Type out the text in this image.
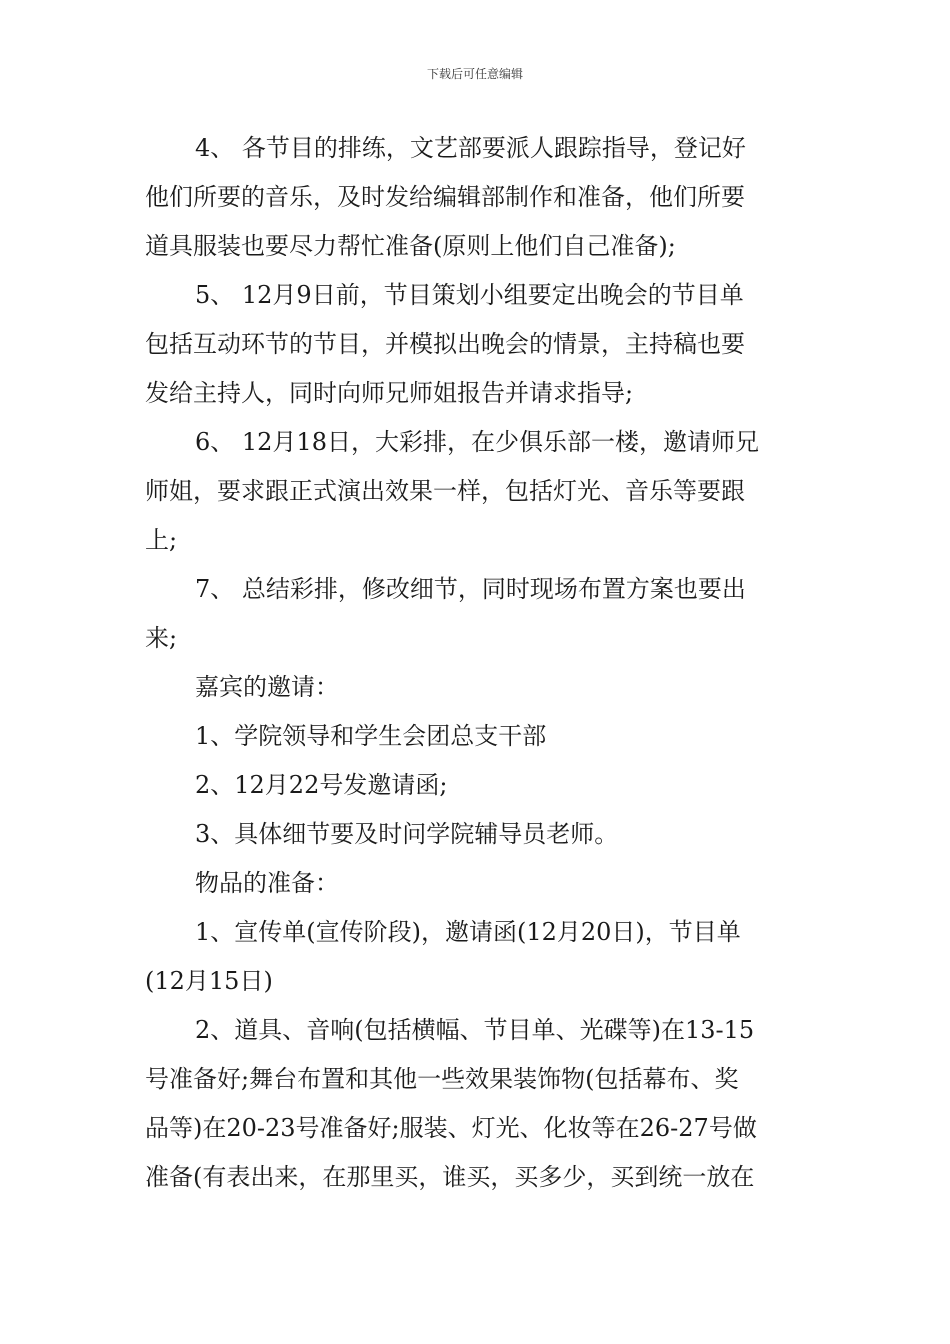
下载后可任意编辑
4、 各节目的排练，文艺部要派人跟踪指导，登记好
他们所要的音乐，及时发给编辑部制作和准备，他们所要
道具服装也要尽力帮忙准备(原则上他们自己准备);
5、 12月9日前，节目策划小组要定出晚会的节目单
包括互动环节的节目，并模拟出晚会的情景，主持稿也要
发给主持人，同时向师兄师姐报告并请求指导;
6、 12月18日，大彩排，在少俱乐部一楼，邀请师兄
师姐，要求跟正式演出效果一样，包括灯光、音乐等要跟
上;
7、 总结彩排，修改细节，同时现场布置方案也要出
来;
嘉宾的邀请：
1、学院领导和学生会团总支干部
2、12月22号发邀请函;
3、具体细节要及时问学院辅导员老师。
物品的准备：
1、宣传单(宣传阶段)，邀请函(12月20日)，节目单
(12月15日)
2、道具、音响(包括横幅、节目单、光碟等)在13-15
号准备好;舞台布置和其他一些效果装饰物(包括幕布、奖
品等)在20-23号准备好;服装、灯光、化妆等在26-27号做
准备(有表出来，在那里买，谁买，买多少，买到统一放在
